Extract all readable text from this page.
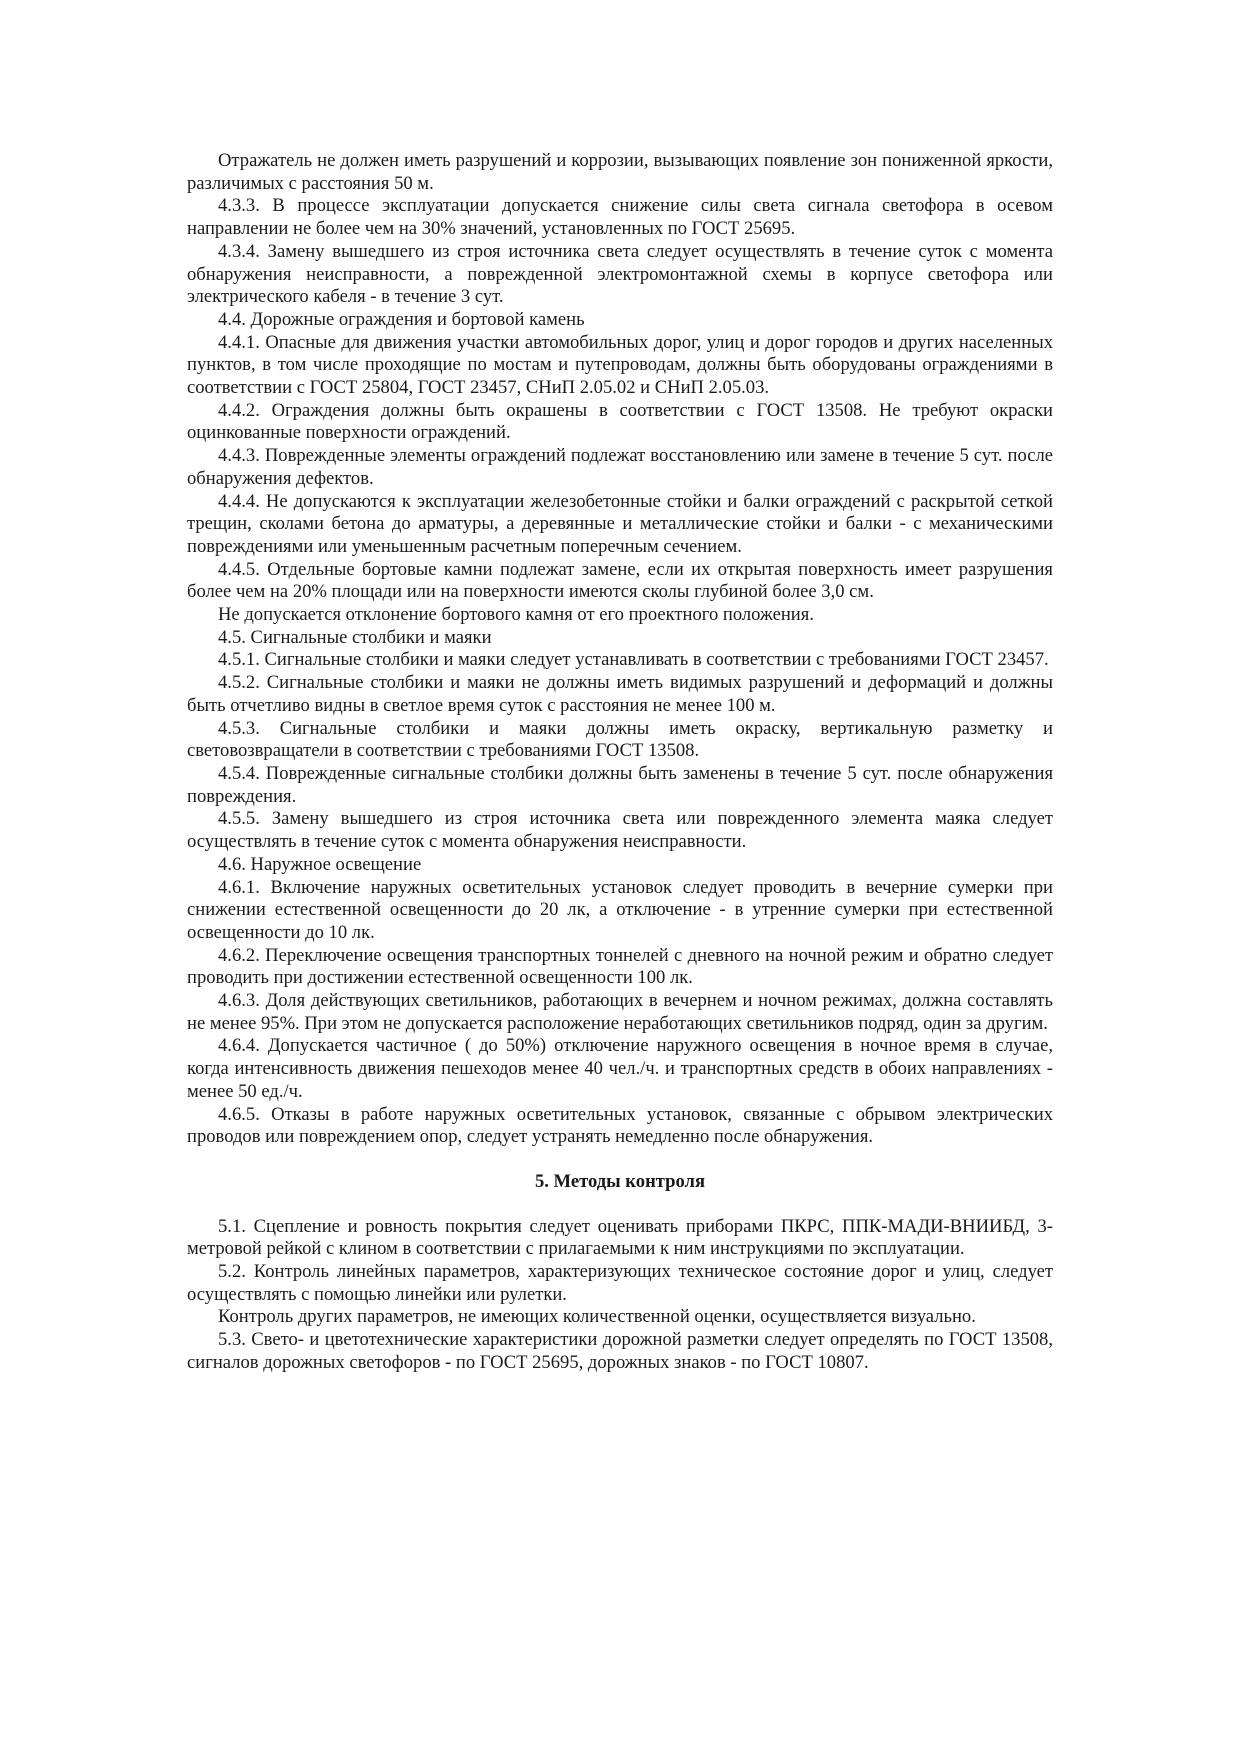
Отражатель не должен иметь разрушений и коррозии, вызывающих появление зон пониженной яркости, различимых с расстояния 50 м.

4.3.3. В процессе эксплуатации допускается снижение силы света сигнала светофора в осевом направлении не более чем на 30% значений, установленных по ГОСТ 25695.

4.3.4. Замену вышедшего из строя источника света следует осуществлять в течение суток с момента обнаружения неисправности, а поврежденной электромонтажной схемы в корпусе светофора или электрического кабеля - в течение 3 сут.

4.4. Дорожные ограждения и бортовой камень

4.4.1. Опасные для движения участки автомобильных дорог, улиц и дорог городов и других населенных пунктов, в том числе проходящие по мостам и путепроводам, должны быть оборудованы ограждениями в соответствии с ГОСТ 25804, ГОСТ 23457, СНиП 2.05.02 и СНиП 2.05.03.

4.4.2. Ограждения должны быть окрашены в соответствии с ГОСТ 13508. Не требуют окраски оцинкованные поверхности ограждений.

4.4.3. Поврежденные элементы ограждений подлежат восстановлению или замене в течение 5 сут. после обнаружения дефектов.

4.4.4. Не допускаются к эксплуатации железобетонные стойки и балки ограждений с раскрытой сеткой трещин, сколами бетона до арматуры, а деревянные и металлические стойки и балки - с механическими повреждениями или уменьшенным расчетным поперечным сечением.

4.4.5. Отдельные бортовые камни подлежат замене, если их открытая поверхность имеет разрушения более чем на 20% площади или на поверхности имеются сколы глубиной более 3,0 см.

Не допускается отклонение бортового камня от его проектного положения.

4.5. Сигнальные столбики и маяки

4.5.1. Сигнальные столбики и маяки следует устанавливать в соответствии с требованиями ГОСТ 23457.

4.5.2. Сигнальные столбики и маяки не должны иметь видимых разрушений и деформаций и должны быть отчетливо видны в светлое время суток с расстояния не менее 100 м.

4.5.3. Сигнальные столбики и маяки должны иметь окраску, вертикальную разметку и световозвращатели в соответствии с требованиями ГОСТ 13508.

4.5.4. Поврежденные сигнальные столбики должны быть заменены в течение 5 сут. после обнаружения повреждения.

4.5.5. Замену вышедшего из строя источника света или поврежденного элемента маяка следует осуществлять в течение суток с момента обнаружения неисправности.

4.6. Наружное освещение

4.6.1. Включение наружных осветительных установок следует проводить в вечерние сумерки при снижении естественной освещенности до 20 лк, а отключение - в утренние сумерки при естественной освещенности до 10 лк.

4.6.2. Переключение освещения транспортных тоннелей с дневного на ночной режим и обратно следует проводить при достижении естественной освещенности 100 лк.

4.6.3. Доля действующих светильников, работающих в вечернем и ночном режимах, должна составлять не менее 95%. При этом не допускается расположение неработающих светильников подряд, один за другим.

4.6.4. Допускается частичное ( до 50%) отключение наружного освещения в ночное время в случае, когда интенсивность движения пешеходов менее 40 чел./ч. и транспортных средств в обоих направлениях - менее 50 ед./ч.

4.6.5. Отказы в работе наружных осветительных установок, связанные с обрывом электрических проводов или повреждением опор, следует устранять немедленно после обнаружения.

5. Методы контроля

5.1. Сцепление и ровность покрытия следует оценивать приборами ПКРС, ППК-МАДИ-ВНИИБД, 3-метровой рейкой с клином в соответствии с прилагаемыми к ним инструкциями по эксплуатации.

5.2. Контроль линейных параметров, характеризующих техническое состояние дорог и улиц, следует осуществлять с помощью линейки или рулетки.

Контроль других параметров, не имеющих количественной оценки, осуществляется визуально.

5.3. Свето- и цветотехнические характеристики дорожной разметки следует определять по ГОСТ 13508, сигналов дорожных светофоров - по ГОСТ 25695, дорожных знаков - по ГОСТ 10807.
